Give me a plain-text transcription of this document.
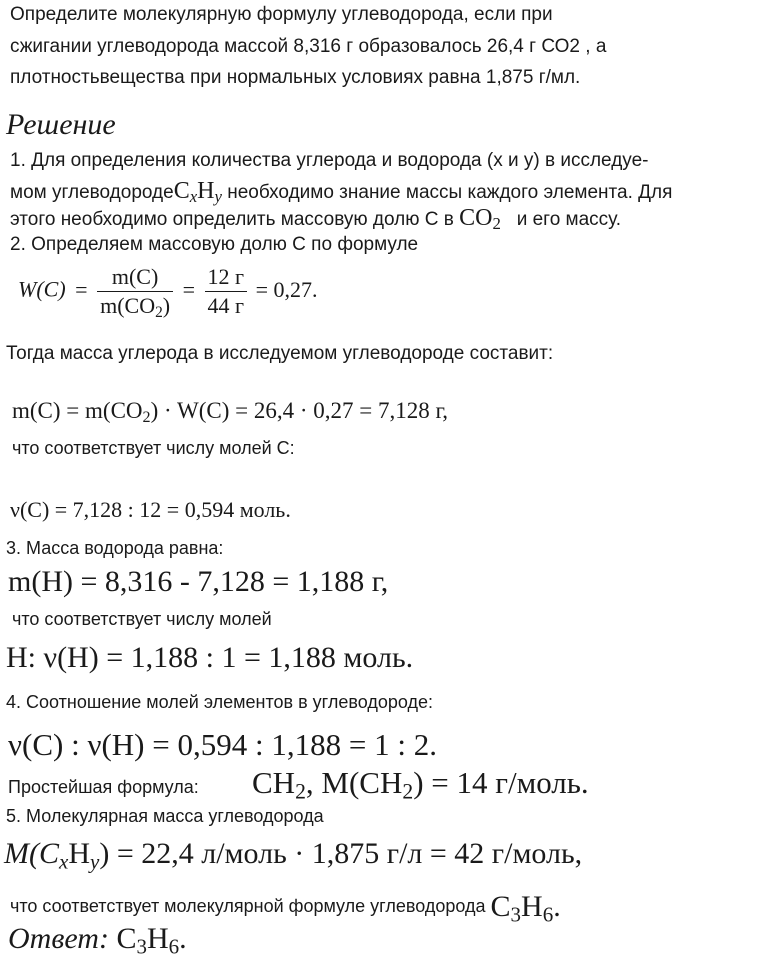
Определите молекулярную формулу углеводорода, если при
сжигании углеводорода массой 8,316 г образовалось 26,4 г СО2 , а
плотностьвещества при нормальных условиях равна 1,875 г/мл.
Решение
1. Для определения количества углерода и водорода (х и у) в исследуе-
мом $углеводородеC_xH_y$ необходимо знание массы каждого элемента. Для
этого необходимо определить массовую долю С в $CO_2$ и его массу.
2. Определяем массовую долю С по формуле
$W(C) = \frac{m(C)}{m(CO_2)} = \frac{12 г}{44 г} = 0,27$.
Тогда масса углерода в исследуемом углеводороде составит:
$m(C) = m(CO_2) \cdot W(C) = 26,4 \cdot 0,27 = 7,128$ г,
что соответствует числу молей С:
ν(C) = 7,128 : 12 = 0,594 моль.
3. Масса водорода равна:
m(H) = 8,316 - 7,128 = 1,188 г,
что соответствует числу молей
H: ν(H) = 1,188 : 1 = 1,188 моль.
4. Соотношение молей элементов в углеводороде:
ν(C) : ν(H) = 0,594 : 1,188 = 1 : 2.
Простейшая формула: $CH_2$, $M(CH_2) = 14$ г/моль.
5. Молекулярная масса углеводорода
$M(C_xH_y) = 22,4$ л/моль · 1,875 г/л = 42 г/моль,
что соответствует молекулярной формуле углеводорода $C_3H_6$.
Ответ: $C_3H_6$.
